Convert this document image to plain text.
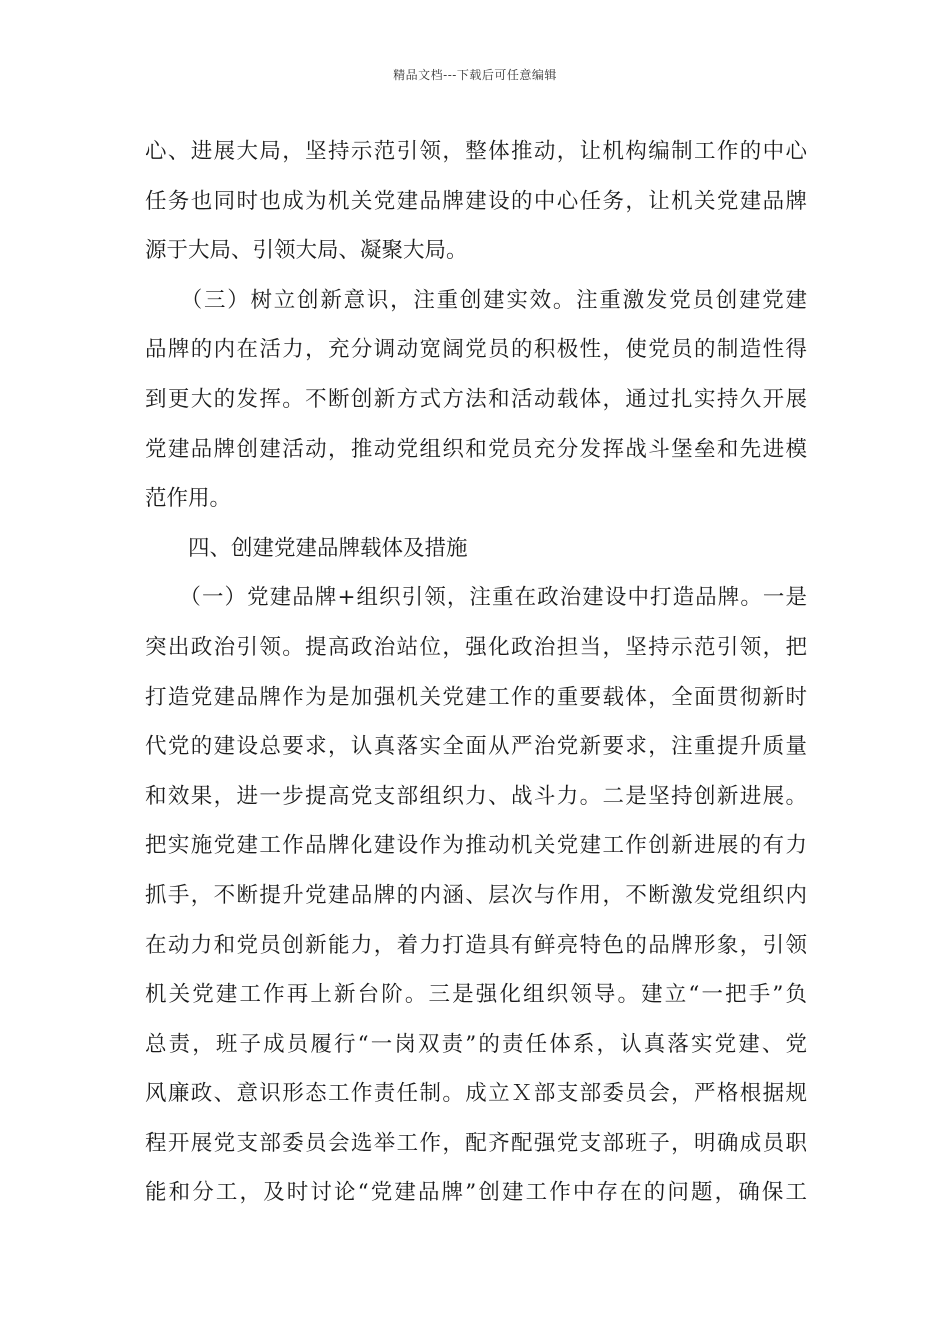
精品文档---下载后可任意编辑
心、进展大局，坚持示范引领，整体推动，让机构编制工作的中心
任务也同时也成为机关党建品牌建设的中心任务，让机关党建品牌
源于大局、引领大局、凝聚大局。
　　（三）树立创新意识，注重创建实效。注重激发党员创建党建
品牌的内在活力，充分调动宽阔党员的积极性，使党员的制造性得
到更大的发挥。不断创新方式方法和活动载体，通过扎实持久开展
党建品牌创建活动，推动党组织和党员充分发挥战斗堡垒和先进模
范作用。
　　四、创建党建品牌载体及措施
　　（一）党建品牌+组织引领，注重在政治建设中打造品牌。一是
突出政治引领。提高政治站位，强化政治担当，坚持示范引领，把
打造党建品牌作为是加强机关党建工作的重要载体，全面贯彻新时
代党的建设总要求，认真落实全面从严治党新要求，注重提升质量
和效果，进一步提高党支部组织力、战斗力。二是坚持创新进展。
把实施党建工作品牌化建设作为推动机关党建工作创新进展的有力
抓手，不断提升党建品牌的内涵、层次与作用，不断激发党组织内
在动力和党员创新能力，着力打造具有鲜亮特色的品牌形象，引领
机关党建工作再上新台阶。三是强化组织领导。建立“一把手”负
总责，班子成员履行“一岗双责”的责任体系，认真落实党建、党
风廉政、意识形态工作责任制。成立Ｘ部支部委员会，严格根据规
程开展党支部委员会选举工作，配齐配强党支部班子，明确成员职
能和分工，及时讨论“党建品牌”创建工作中存在的问题，确保工
